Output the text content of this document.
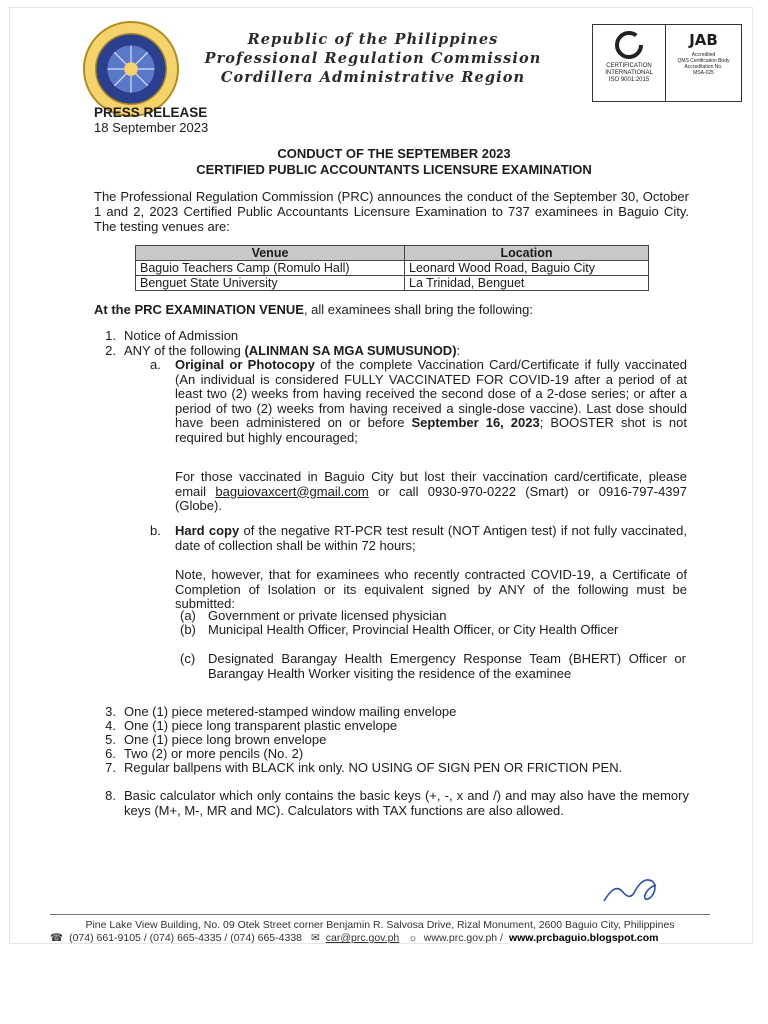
Republic of the Philippines
Professional Regulation Commission
Cordillera Administrative Region
CERTIFICATION
INTERNATIONAL
ISO 9001:2015
JAB
Accredited
QMS Certification Body
Accreditation No.
MSA-025
PRESS RELEASE
18 September 2023
CONDUCT OF THE SEPTEMBER 2023
CERTIFIED PUBLIC ACCOUNTANTS LICENSURE EXAMINATION
The Professional Regulation Commission (PRC) announces the conduct of the September 30, October 1 and 2, 2023 Certified Public Accountants Licensure Examination to 737 examinees in Baguio City. The testing venues are:
Venue	Location
Baguio Teachers Camp (Romulo Hall)	Leonard Wood Road, Baguio City
Benguet State University	La Trinidad, Benguet
At the PRC EXAMINATION VENUE, all examinees shall bring the following:
1. Notice of Admission
2. ANY of the following (ALINMAN SA MGA SUMUSUNOD):
a. Original or Photocopy of the complete Vaccination Card/Certificate if fully vaccinated (An individual is considered FULLY VACCINATED FOR COVID-19 after a period of at least two (2) weeks from having received the second dose of a 2-dose series; or after a period of two (2) weeks from having received a single-dose vaccine). Last dose should have been administered on or before September 16, 2023; BOOSTER shot is not required but highly encouraged;
For those vaccinated in Baguio City but lost their vaccination card/certificate, please email baguiovaxcert@gmail.com or call 0930-970-0222 (Smart) or 0916-797-4397 (Globe).
b. Hard copy of the negative RT-PCR test result (NOT Antigen test) if not fully vaccinated, date of collection shall be within 72 hours;
Note, however, that for examinees who recently contracted COVID-19, a Certificate of Completion of Isolation or its equivalent signed by ANY of the following must be submitted:
(a) Government or private licensed physician
(b) Municipal Health Officer, Provincial Health Officer, or City Health Officer
(c) Designated Barangay Health Emergency Response Team (BHERT) Officer or Barangay Health Worker visiting the residence of the examinee
3. One (1) piece metered-stamped window mailing envelope
4. One (1) piece long transparent plastic envelope
5. One (1) piece long brown envelope
6. Two (2) or more pencils (No. 2)
7. Regular ballpens with BLACK ink only. NO USING OF SIGN PEN OR FRICTION PEN.
8. Basic calculator which only contains the basic keys (+, -, x and /) and may also have the memory keys (M+, M-, MR and MC). Calculators with TAX functions are also allowed.
Pine Lake View Building, No. 09 Otek Street corner Benjamin R. Salvosa Drive, Rizal Monument, 2600 Baguio City, Philippines
☎ (074) 661-9105 / (074) 665-4335 / (074) 665-4338 ✉ car@prc.gov.ph ☼ www.prc.gov.ph / www.prcbaguio.blogspot.com
